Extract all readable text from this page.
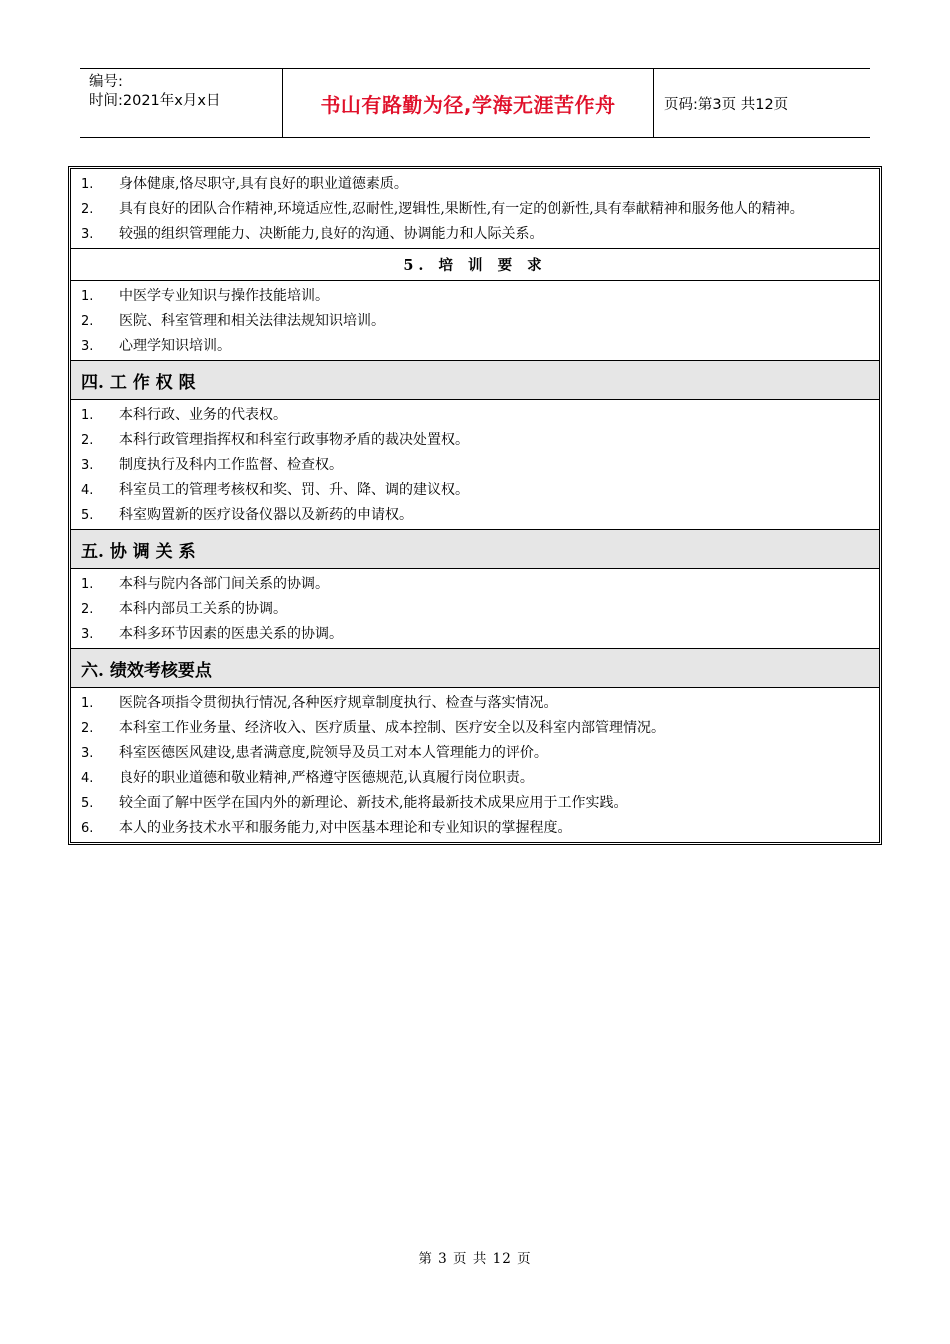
编号:
时间:2021年x月x日	书山有路勤为径,学海无涯苦作舟	页码:第3页 共12页
1.	身体健康,恪尽职守,具有良好的职业道德素质。
2.	具有良好的团队合作精神,环境适应性,忍耐性,逻辑性,果断性,有一定的创新性,具有奉献精神和服务他人的精神。
3.	较强的组织管理能力、决断能力,良好的沟通、协调能力和人际关系。
5. 培 训 要 求
1.	中医学专业知识与操作技能培训。
2.	医院、科室管理和相关法律法规知识培训。
3.	心理学知识培训。
四. 工 作 权 限
1.	本科行政、业务的代表权。
2.	本科行政管理指挥权和科室行政事物矛盾的裁决处置权。
3.	制度执行及科内工作监督、检查权。
4.	科室员工的管理考核权和奖、罚、升、降、调的建议权。
5.	科室购置新的医疗设备仪器以及新药的申请权。
五. 协 调 关 系
1.	本科与院内各部门间关系的协调。
2.	本科内部员工关系的协调。
3.	本科多环节因素的医患关系的协调。
六. 绩效考核要点
1.	医院各项指令贯彻执行情况,各种医疗规章制度执行、检查与落实情况。
2.	本科室工作业务量、经济收入、医疗质量、成本控制、医疗安全以及科室内部管理情况。
3.	科室医德医风建设,患者满意度,院领导及员工对本人管理能力的评价。
4.	良好的职业道德和敬业精神,严格遵守医德规范,认真履行岗位职责。
5.	较全面了解中医学在国内外的新理论、新技术,能将最新技术成果应用于工作实践。
6.	本人的业务技术水平和服务能力,对中医基本理论和专业知识的掌握程度。
第 3 页 共 12 页
